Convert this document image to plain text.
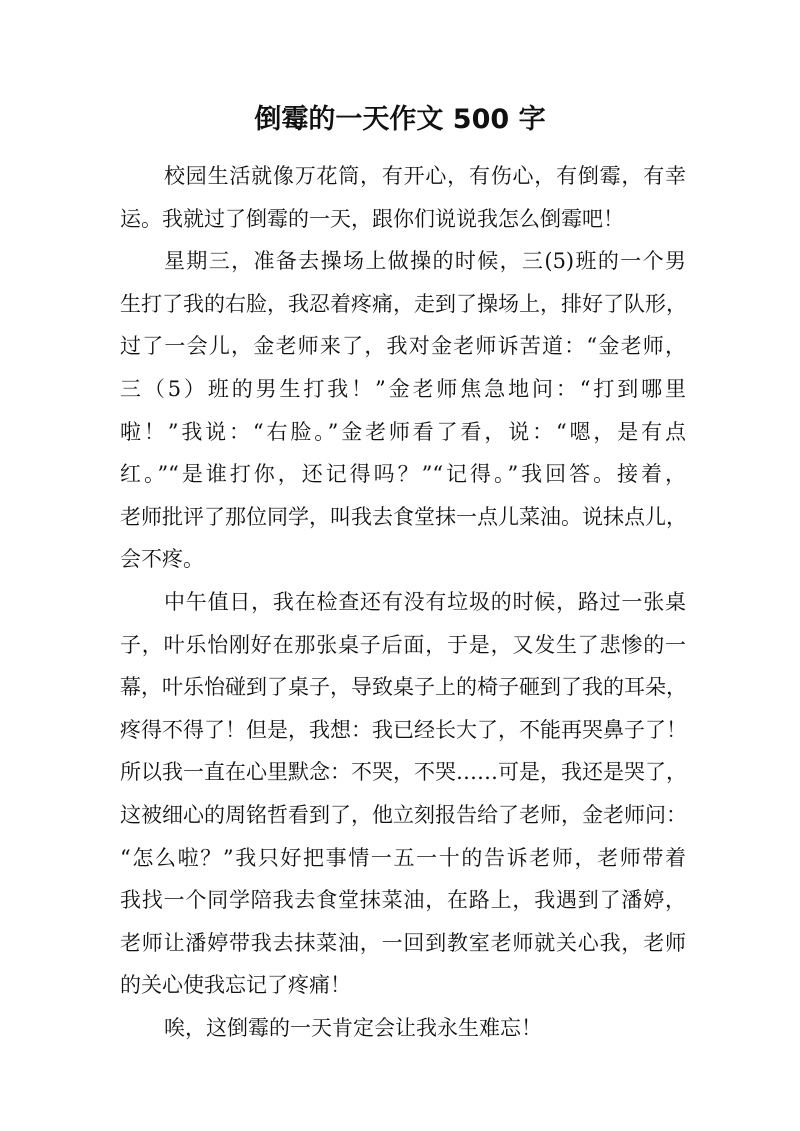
倒霉的一天作文 500 字
校园生活就像万花筒，有开心，有伤心，有倒霉，有幸
运。我就过了倒霉的一天，跟你们说说我怎么倒霉吧！
星期三，准备去操场上做操的时候，三(5)班的一个男
生打了我的右脸，我忍着疼痛，走到了操场上，排好了队形，
过了一会儿，金老师来了，我对金老师诉苦道：“金老师，
三（5）班的男生打我！”金老师焦急地问：“打到哪里
啦！”我说：“右脸。”金老师看了看，说：“嗯，是有点
红。”“是谁打你，还记得吗？”“记得。”我回答。接着，
老师批评了那位同学，叫我去食堂抹一点儿菜油。说抹点儿，
会不疼。
中午值日，我在检查还有没有垃圾的时候，路过一张桌
子，叶乐怡刚好在那张桌子后面，于是，又发生了悲惨的一
幕，叶乐怡碰到了桌子，导致桌子上的椅子砸到了我的耳朵，
疼得不得了！但是，我想：我已经长大了，不能再哭鼻子了！
所以我一直在心里默念：不哭，不哭……可是，我还是哭了，
这被细心的周铭哲看到了，他立刻报告给了老师，金老师问：
“怎么啦？”我只好把事情一五一十的告诉老师，老师带着
我找一个同学陪我去食堂抹菜油，在路上，我遇到了潘婷，
老师让潘婷带我去抹菜油，一回到教室老师就关心我，老师
的关心使我忘记了疼痛！
唉，这倒霉的一天肯定会让我永生难忘！
